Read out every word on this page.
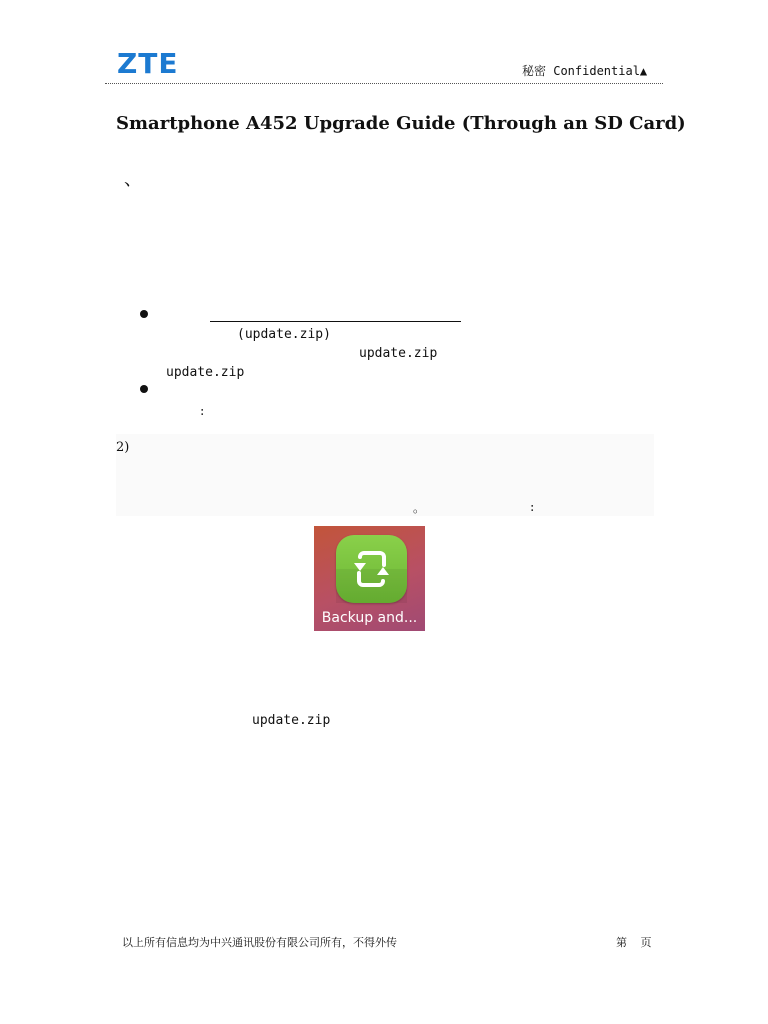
ZTE	秘密 Confidential▲
Smartphone A452 Upgrade Guide (Through an SD Card)
、
(update.zip)
update.zip
update.zip
:
2)
。	:
Backup and...
update.zip
以上所有信息均为中兴通讯股份有限公司所有，不得外传	第 页
